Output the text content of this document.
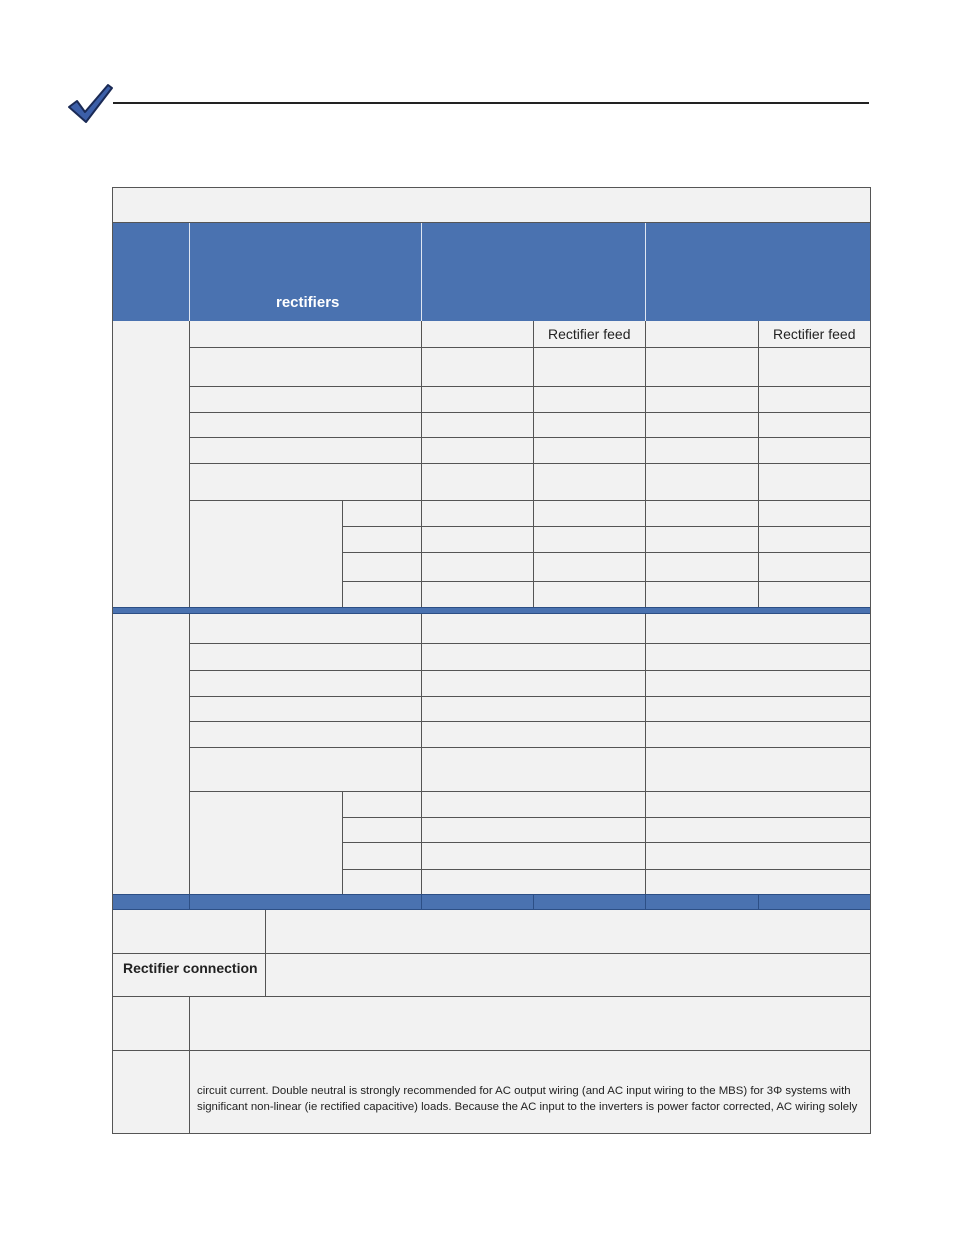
rectifiers
Rectifier feed	Rectifier feed
Rectifier connection
circuit current. Double neutral is strongly recommended for AC output wiring (and AC input wiring to the MBS) for 3Φ systems with
significant non-linear (ie rectified capacitive) loads. Because the AC input to the inverters is power factor corrected, AC wiring solely
